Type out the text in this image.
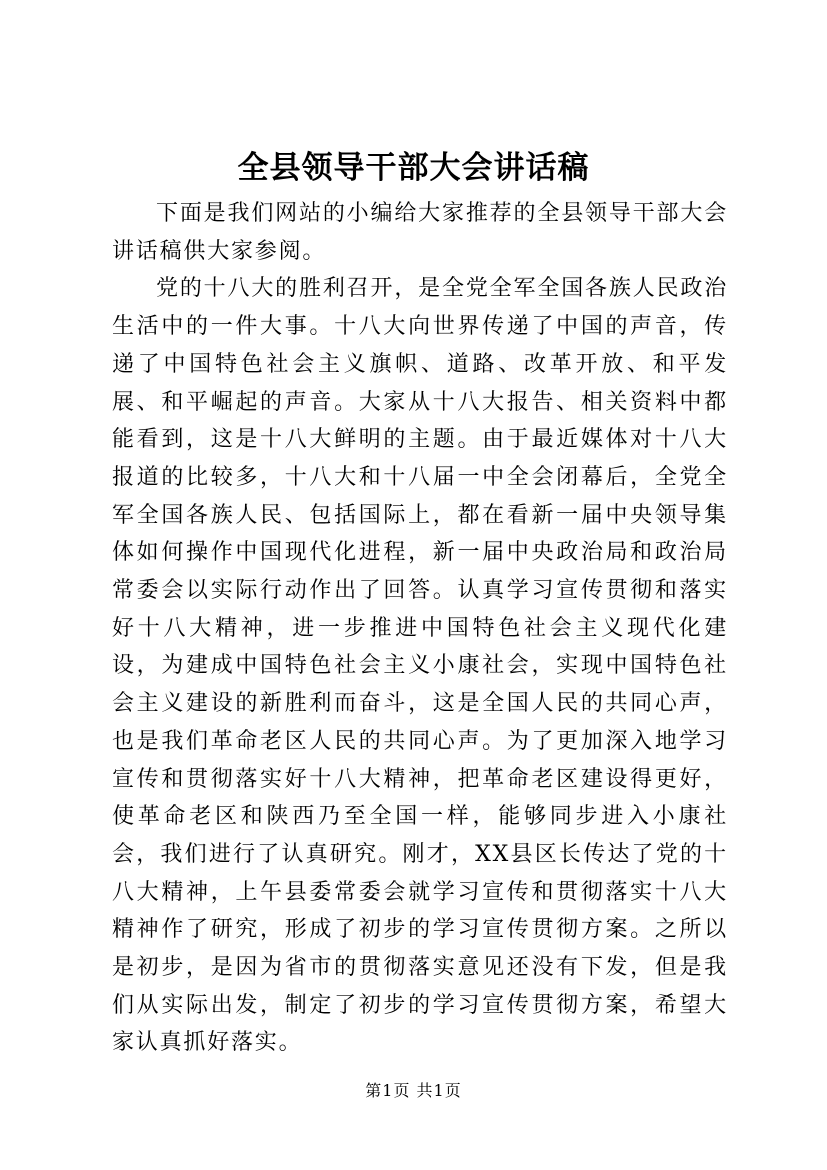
全县领导干部大会讲话稿

下面是我们网站的小编给大家推荐的全县领导干部大会讲话稿供大家参阅。

党的十八大的胜利召开，是全党全军全国各族人民政治生活中的一件大事。十八大向世界传递了中国的声音，传递了中国特色社会主义旗帜、道路、改革开放、和平发展、和平崛起的声音。大家从十八大报告、相关资料中都能看到，这是十八大鲜明的主题。由于最近媒体对十八大报道的比较多，十八大和十八届一中全会闭幕后，全党全军全国各族人民、包括国际上，都在看新一届中央领导集体如何操作中国现代化进程，新一届中央政治局和政治局常委会以实际行动作出了回答。认真学习宣传贯彻和落实好十八大精神，进一步推进中国特色社会主义现代化建设，为建成中国特色社会主义小康社会，实现中国特色社会主义建设的新胜利而奋斗，这是全国人民的共同心声，也是我们革命老区人民的共同心声。为了更加深入地学习宣传和贯彻落实好十八大精神，把革命老区建设得更好，使革命老区和陕西乃至全国一样，能够同步进入小康社会，我们进行了认真研究。刚才，XX县区长传达了党的十八大精神，上午县委常委会就学习宣传和贯彻落实十八大精神作了研究，形成了初步的学习宣传贯彻方案。之所以是初步，是因为省市的贯彻落实意见还没有下发，但是我们从实际出发，制定了初步的学习宣传贯彻方案，希望大家认真抓好落实。

第1页 共1页
